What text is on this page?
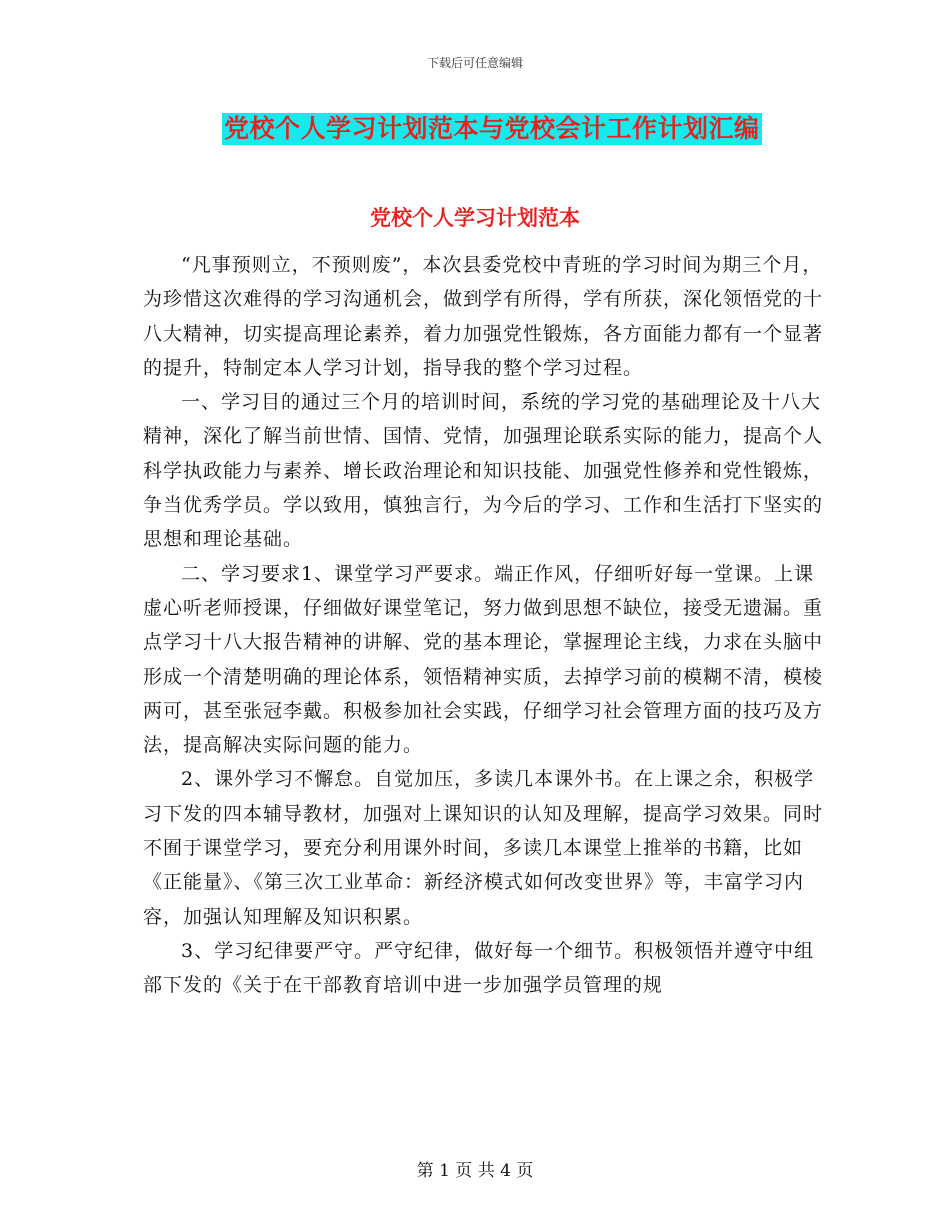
下载后可任意编辑
党校个人学习计划范本与党校会计工作计划汇编
党校个人学习计划范本

“凡事预则立，不预则废”，本次县委党校中青班的学习时间为期三个月，为珍惜这次难得的学习沟通机会，做到学有所得，学有所获，深化领悟党的十八大精神，切实提高理论素养，着力加强党性锻炼，各方面能力都有一个显著的提升，特制定本人学习计划，指导我的整个学习过程。

一、学习目的通过三个月的培训时间，系统的学习党的基础理论及十八大精神，深化了解当前世情、国情、党情，加强理论联系实际的能力，提高个人科学执政能力与素养、增长政治理论和知识技能、加强党性修养和党性锻炼，争当优秀学员。学以致用，慎独言行，为今后的学习、工作和生活打下坚实的思想和理论基础。

二、学习要求1、课堂学习严要求。端正作风，仔细听好每一堂课。上课虚心听老师授课，仔细做好课堂笔记，努力做到思想不缺位，接受无遗漏。重点学习十八大报告精神的讲解、党的基本理论，掌握理论主线，力求在头脑中形成一个清楚明确的理论体系，领悟精神实质，去掉学习前的模糊不清，模棱两可，甚至张冠李戴。积极参加社会实践，仔细学习社会管理方面的技巧及方法，提高解决实际问题的能力。

2、课外学习不懈怠。自觉加压，多读几本课外书。在上课之余，积极学习下发的四本辅导教材，加强对上课知识的认知及理解，提高学习效果。同时不囿于课堂学习，要充分利用课外时间，多读几本课堂上推举的书籍，比如《正能量》、《第三次工业革命：新经济模式如何改变世界》等，丰富学习内容，加强认知理解及知识积累。

3、学习纪律要严守。严守纪律，做好每一个细节。积极领悟并遵守中组部下发的《关于在干部教育培训中进一步加强学员管理的规

第 1 页 共 4 页
